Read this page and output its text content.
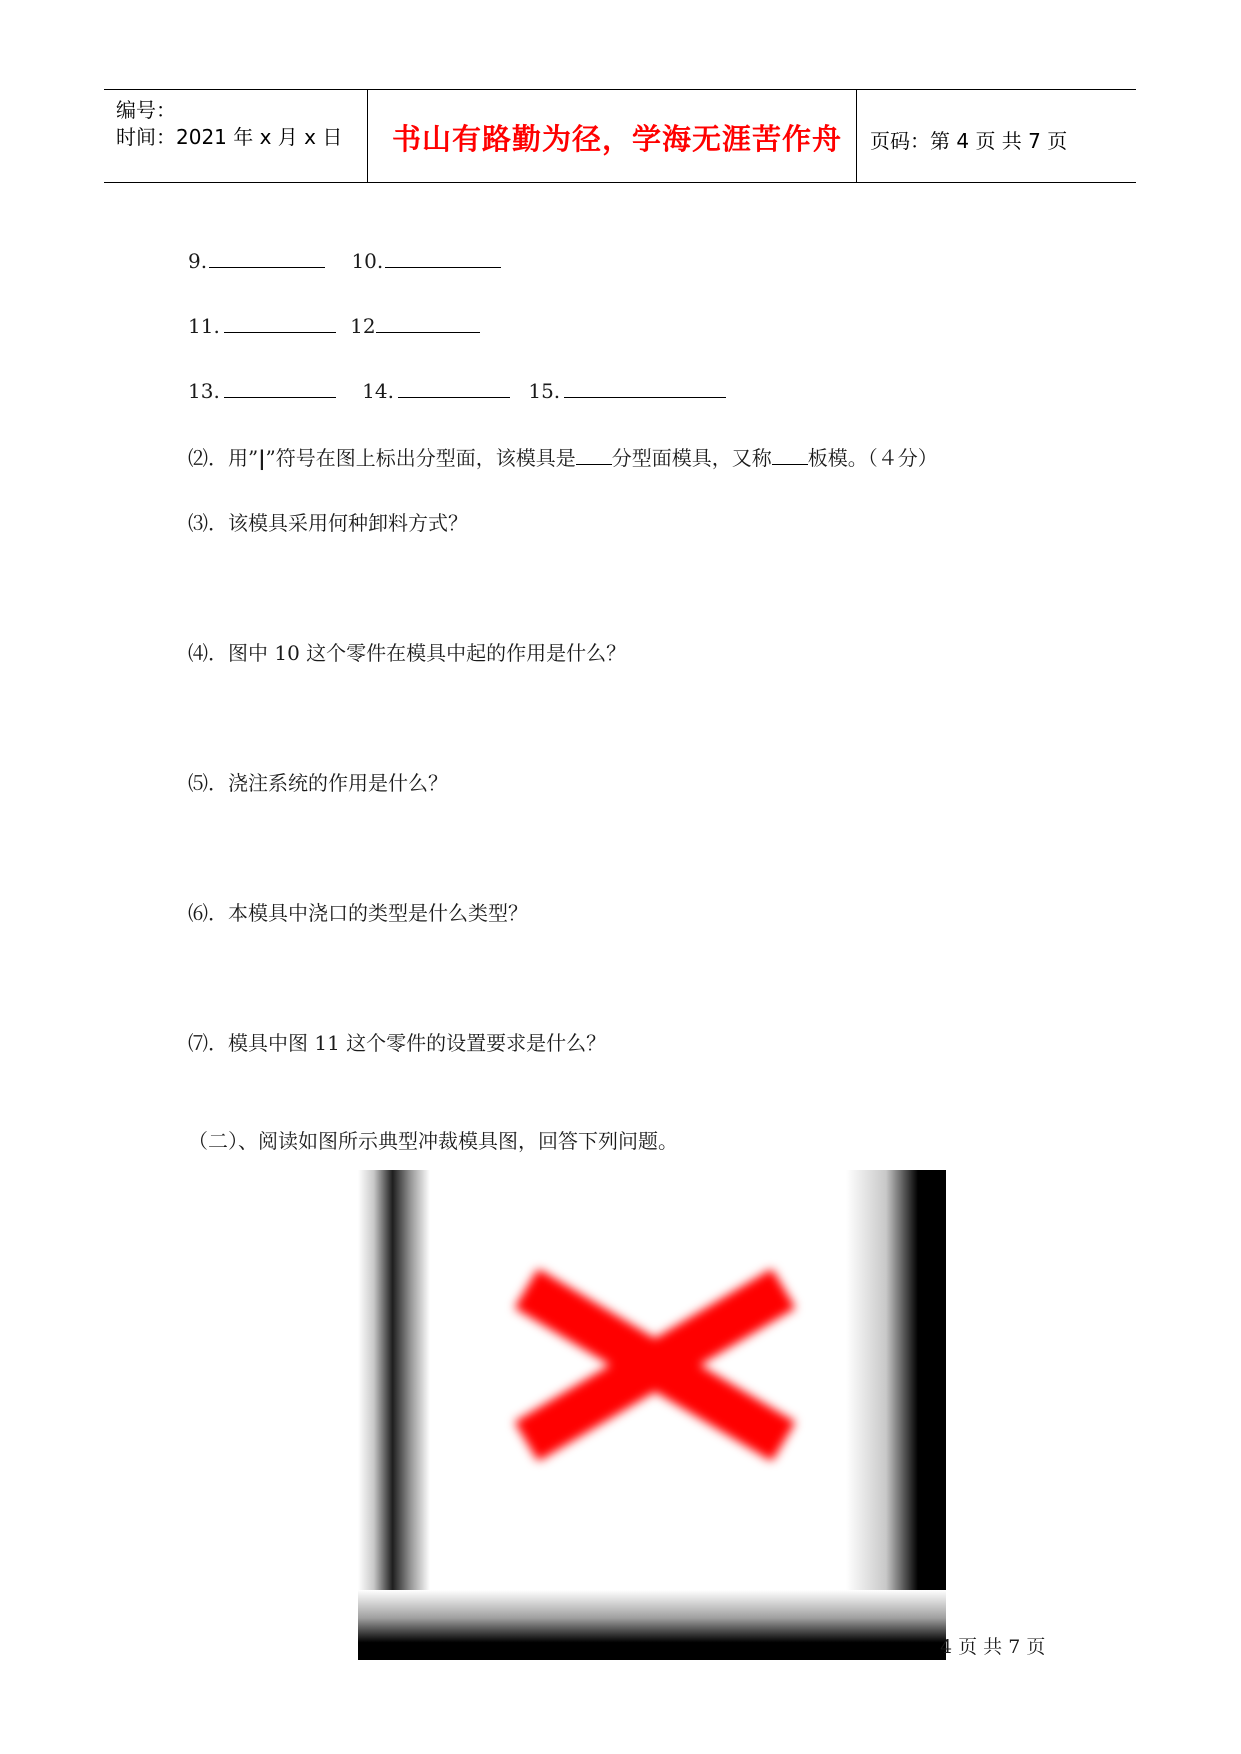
编号：
时间：2021 年 x 月 x 日 书山有路勤为径，学海无涯苦作舟 页码：第 4 页 共 7 页
9.	10.
11.	12
13.	14.	15.
⑵．用”|”符号在图上标出分型面，该模具是 分型面模具，又称 板模。（４分）
⑶．该模具采用何种卸料方式？
⑷．图中 10 这个零件在模具中起的作用是什么？
⑸．浇注系统的作用是什么？
⑹．本模具中浇口的类型是什么类型？
⑺．模具中图 11 这个零件的设置要求是什么？
（二）、阅读如图所示典型冲裁模具图，回答下列问题。
4 页 共 7 页
